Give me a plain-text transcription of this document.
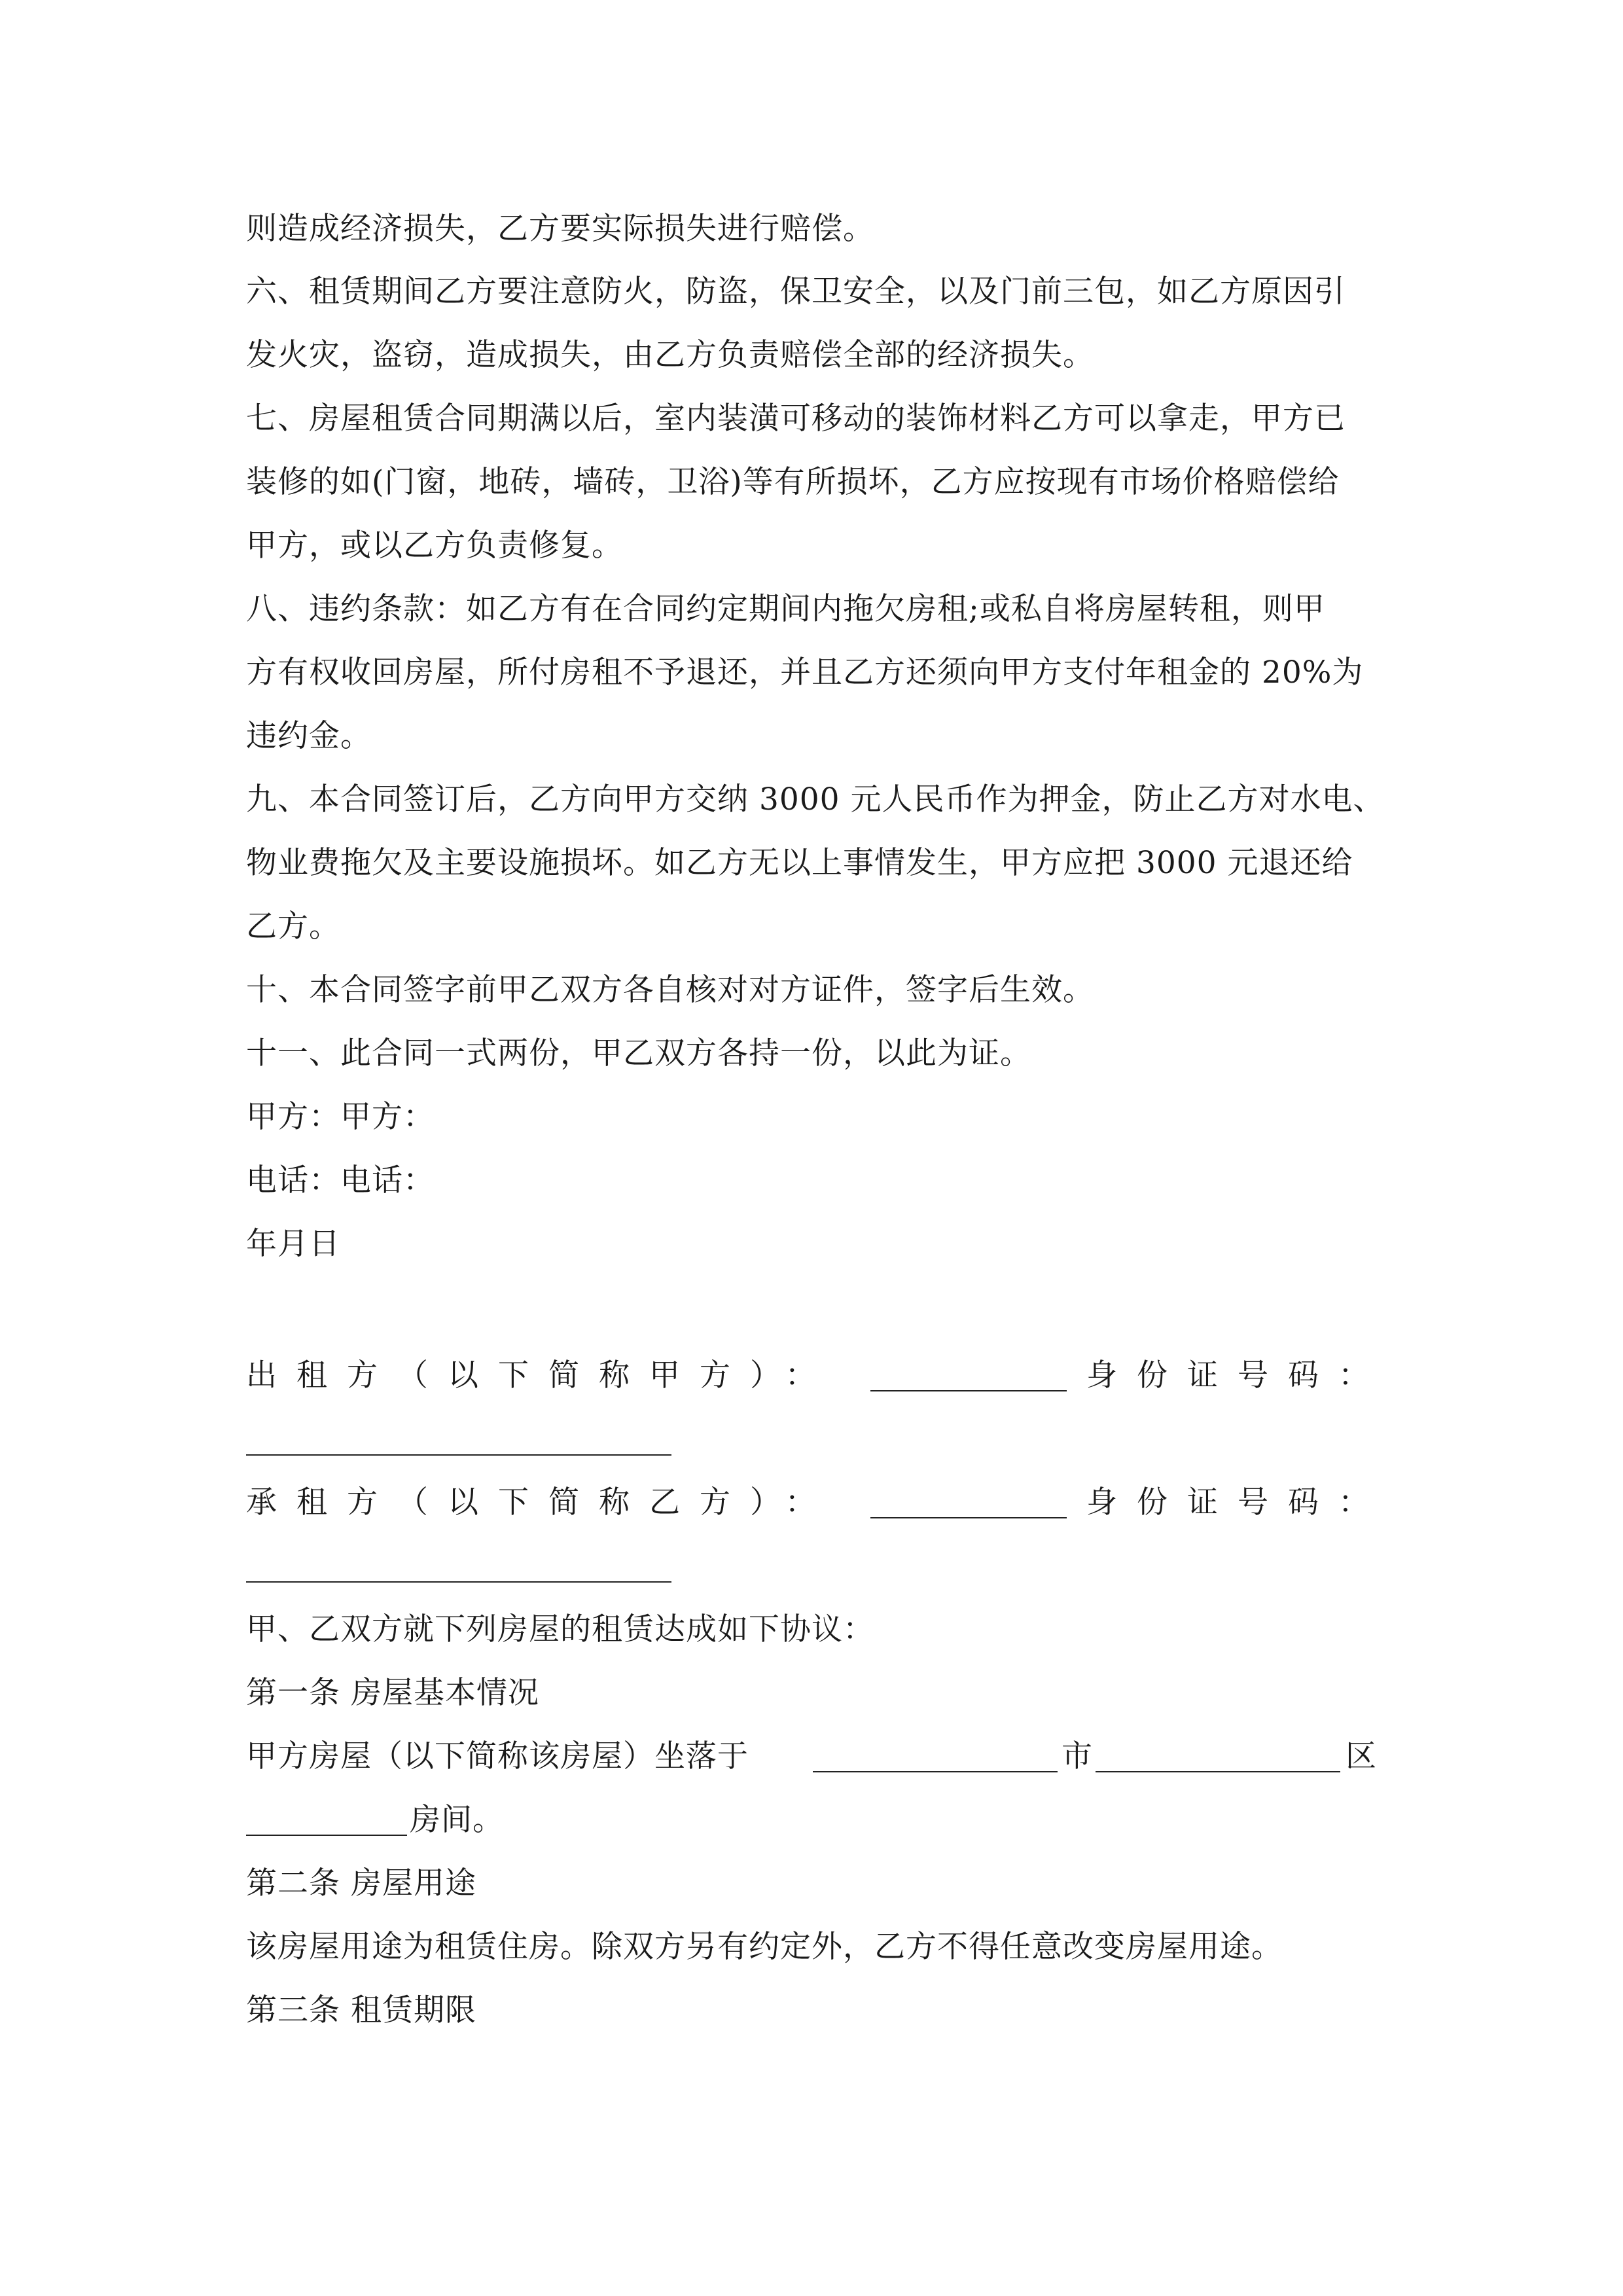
则造成经济损失，乙方要实际损失进行赔偿。
六、租赁期间乙方要注意防火，防盗，保卫安全，以及门前三包，如乙方原因引
发火灾，盗窃，造成损失，由乙方负责赔偿全部的经济损失。
七、房屋租赁合同期满以后，室内装潢可移动的装饰材料乙方可以拿走，甲方已
装修的如(门窗，地砖，墙砖，卫浴)等有所损坏，乙方应按现有市场价格赔偿给
甲方，或以乙方负责修复。
八、违约条款：如乙方有在合同约定期间内拖欠房租;或私自将房屋转租，则甲
方有权收回房屋，所付房租不予退还，并且乙方还须向甲方支付年租金的 20%为
违约金。
九、本合同签订后，乙方向甲方交纳 3000 元人民币作为押金，防止乙方对水电、
物业费拖欠及主要设施损坏。如乙方无以上事情发生，甲方应把 3000 元退还给
乙方。
十、本合同签字前甲乙双方各自核对对方证件，签字后生效。
十一、此合同一式两份，甲乙双方各持一份，以此为证。
甲方：甲方：
电话：电话：
年月日
出租方（以下简称甲方）：	身份证号码：
承租方（以下简称乙方）：	身份证号码：
甲、乙双方就下列房屋的租赁达成如下协议：
第一条 房屋基本情况
甲方房屋（以下简称该房屋）坐落于	市	区
房间。
第二条 房屋用途
该房屋用途为租赁住房。除双方另有约定外，乙方不得任意改变房屋用途。
第三条 租赁期限
